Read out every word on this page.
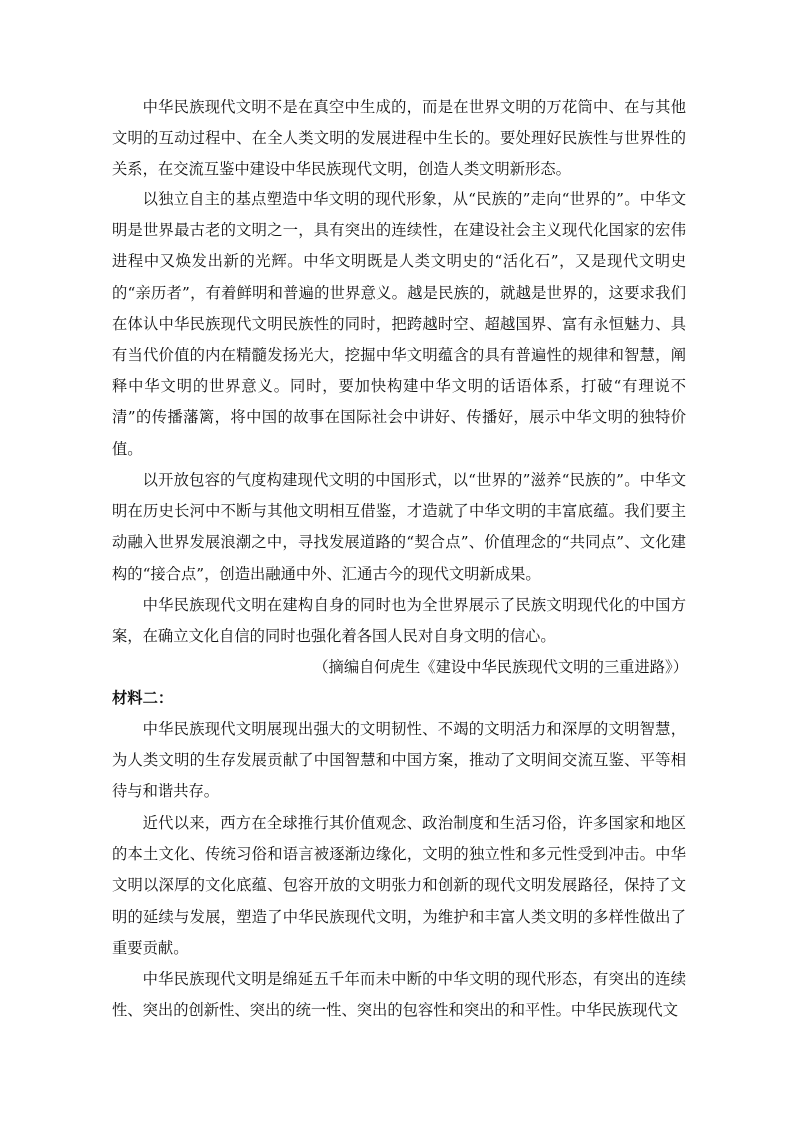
中华民族现代文明不是在真空中生成的，而是在世界文明的万花筒中、在与其他文明的互动过程中、在全人类文明的发展进程中生长的。要处理好民族性与世界性的关系，在交流互鉴中建设中华民族现代文明，创造人类文明新形态。

以独立自主的基点塑造中华文明的现代形象，从“民族的”走向“世界的”。中华文明是世界最古老的文明之一，具有突出的连续性，在建设社会主义现代化国家的宏伟进程中又焕发出新的光辉。中华文明既是人类文明史的“活化石”，又是现代文明史的“亲历者”，有着鲜明和普遍的世界意义。越是民族的，就越是世界的，这要求我们在体认中华民族现代文明民族性的同时，把跨越时空、超越国界、富有永恒魅力、具有当代价值的内在精髓发扬光大，挖掘中华文明蕴含的具有普遍性的规律和智慧，阐释中华文明的世界意义。同时，要加快构建中华文明的话语体系，打破“有理说不清”的传播藩篱，将中国的故事在国际社会中讲好、传播好，展示中华文明的独特价值。

以开放包容的气度构建现代文明的中国形式，以“世界的”滋养“民族的”。中华文明在历史长河中不断与其他文明相互借鉴，才造就了中华文明的丰富底蕴。我们要主动融入世界发展浪潮之中，寻找发展道路的“契合点”、价值理念的“共同点”、文化建构的“接合点”，创造出融通中外、汇通古今的现代文明新成果。

中华民族现代文明在建构自身的同时也为全世界展示了民族文明现代化的中国方案，在确立文化自信的同时也强化着各国人民对自身文明的信心。

（摘编自何虎生《建设中华民族现代文明的三重进路》）

材料二：

中华民族现代文明展现出强大的文明韧性、不竭的文明活力和深厚的文明智慧，为人类文明的生存发展贡献了中国智慧和中国方案，推动了文明间交流互鉴、平等相待与和谐共存。

近代以来，西方在全球推行其价值观念、政治制度和生活习俗，许多国家和地区的本土文化、传统习俗和语言被逐渐边缘化，文明的独立性和多元性受到冲击。中华文明以深厚的文化底蕴、包容开放的文明张力和创新的现代文明发展路径，保持了文明的延续与发展，塑造了中华民族现代文明，为维护和丰富人类文明的多样性做出了重要贡献。

中华民族现代文明是绵延五千年而未中断的中华文明的现代形态，有突出的连续性、突出的创新性、突出的统一性、突出的包容性和突出的和平性。中华民族现代文
